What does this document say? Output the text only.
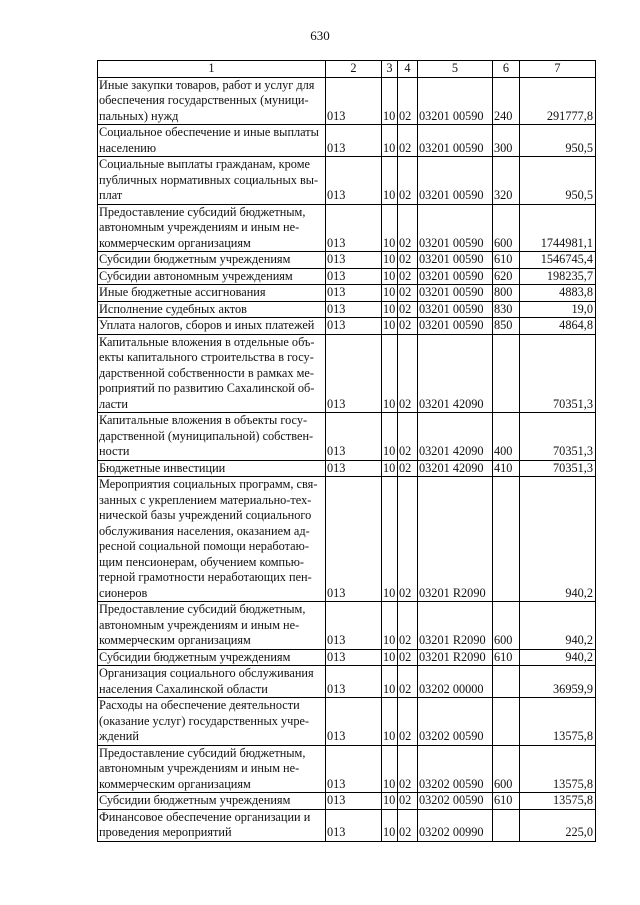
630
1	2	3	4	5	6	7
Иные закупки товаров, работ и услуг для обеспечения государственных (муници-пальных) нужд	013	10	02	03201 00590	240	291777,8
Социальное обеспечение и иные выплаты населению	013	10	02	03201 00590	300	950,5
Социальные выплаты гражданам, кроме публичных нормативных социальных вы-плат	013	10	02	03201 00590	320	950,5
Предоставление субсидий бюджетным, автономным учреждениям и иным не-коммерческим организациям	013	10	02	03201 00590	600	1744981,1
Субсидии бюджетным учреждениям	013	10	02	03201 00590	610	1546745,4
Субсидии автономным учреждениям	013	10	02	03201 00590	620	198235,7
Иные бюджетные ассигнования	013	10	02	03201 00590	800	4883,8
Исполнение судебных актов	013	10	02	03201 00590	830	19,0
Уплата налогов, сборов и иных платежей	013	10	02	03201 00590	850	4864,8
Капитальные вложения в отдельные объ-екты капитального строительства в госу-дарственной собственности в рамках ме-роприятий по развитию Сахалинской об-ласти	013	10	02	03201 42090		70351,3
Капитальные вложения в объекты госу-дарственной (муниципальной) собствен-ности	013	10	02	03201 42090	400	70351,3
Бюджетные инвестиции	013	10	02	03201 42090	410	70351,3
Мероприятия социальных программ, свя-занных с укреплением материально-тех-нической базы учреждений социального обслуживания населения, оказанием ад-ресной социальной помощи неработаю-щим пенсионерам, обучением компью-терной грамотности неработающих пен-сионеров	013	10	02	03201 R2090		940,2
Предоставление субсидий бюджетным, автономным учреждениям и иным не-коммерческим организациям	013	10	02	03201 R2090	600	940,2
Субсидии бюджетным учреждениям	013	10	02	03201 R2090	610	940,2
Организация социального обслуживания населения Сахалинской области	013	10	02	03202 00000		36959,9
Расходы на обеспечение деятельности (оказание услуг) государственных учре-ждений	013	10	02	03202 00590		13575,8
Предоставление субсидий бюджетным, автономным учреждениям и иным не-коммерческим организациям	013	10	02	03202 00590	600	13575,8
Субсидии бюджетным учреждениям	013	10	02	03202 00590	610	13575,8
Финансовое обеспечение организации и проведения мероприятий	013	10	02	03202 00990		225,0
